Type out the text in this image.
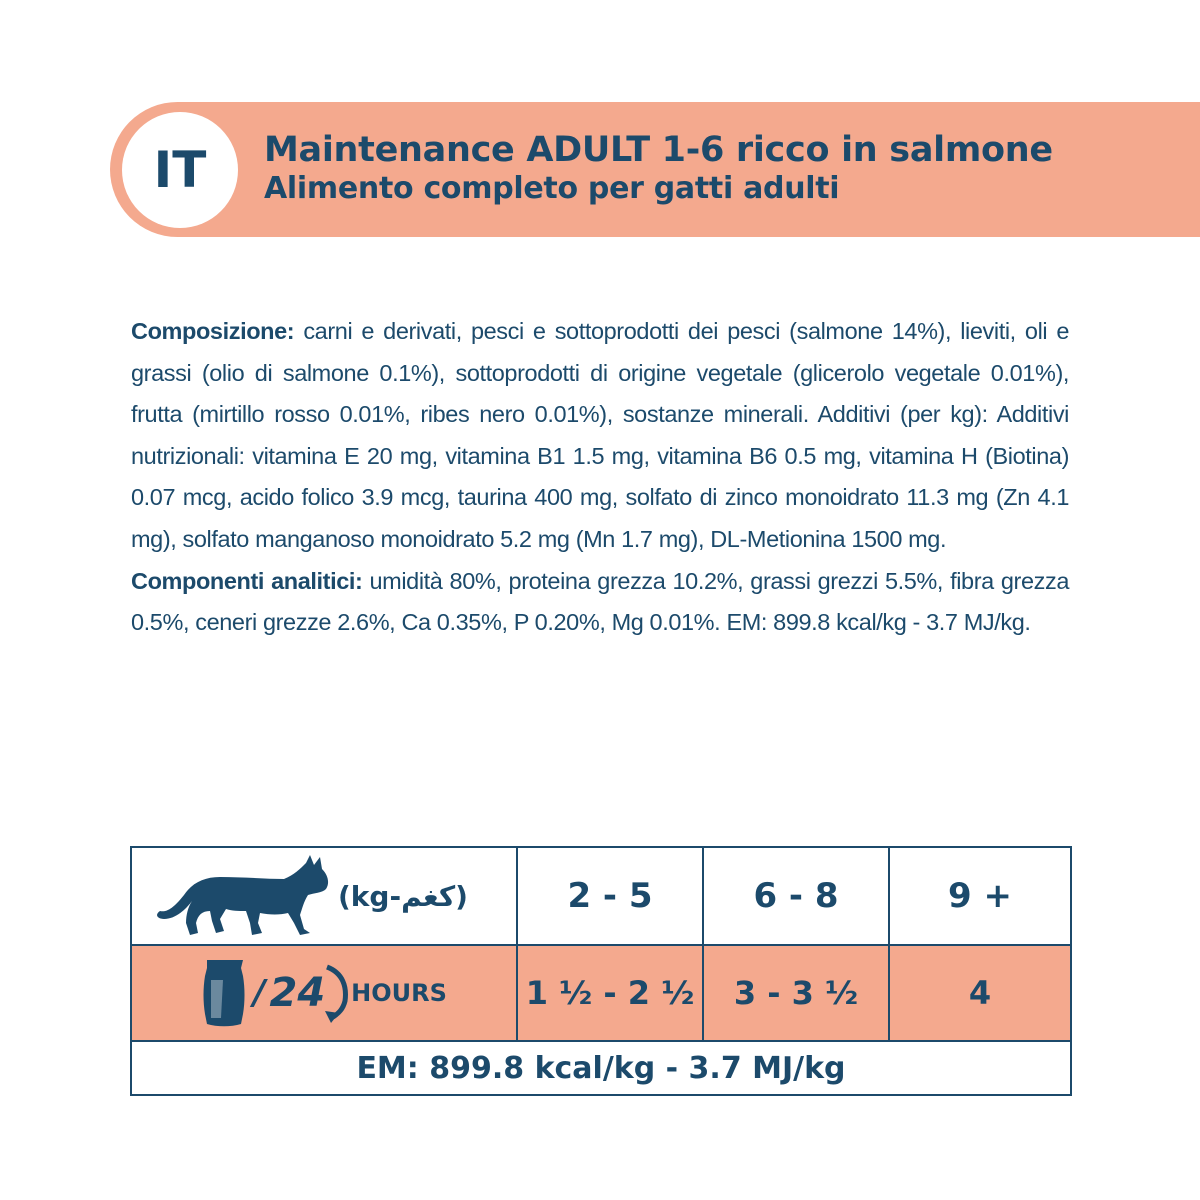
IT	Maintenance ADULT 1-6 ricco in salmone
Alimento completo per gatti adulti

Composizione: carni e derivati, pesci e sottoprodotti dei pesci (salmone 14%), lieviti, oli e grassi (olio di salmone 0.1%), sottoprodotti di origine vegetale (glicerolo vegetale 0.01%), frutta (mirtillo rosso 0.01%, ribes nero 0.01%), sostanze minerali. Additivi (per kg): Additivi nutrizionali: vitamina E 20 mg, vitamina B1 1.5 mg, vitamina B6 0.5 mg, vitamina H (Biotina) 0.07 mcg, acido folico 3.9 mcg, taurina 400 mg, solfato di zinco monoidrato 11.3 mg (Zn 4.1 mg), solfato manganoso monoidrato 5.2 mg (Mn 1.7 mg), DL-Metionina 1500 mg.

Componenti analitici: umidità 80%, proteina grezza 10.2%, grassi grezzi 5.5%, fibra grezza 0.5%, ceneri grezze 2.6%, Ca 0.35%, P 0.20%, Mg 0.01%. EM: 899.8 kcal/kg - 3.7 MJ/kg.

(kg-كغم)	2 - 5	6 - 8	9 +
/ 24 HOURS	1 ½ - 2 ½	3 - 3 ½	4
EM: 899.8 kcal/kg - 3.7 MJ/kg			
